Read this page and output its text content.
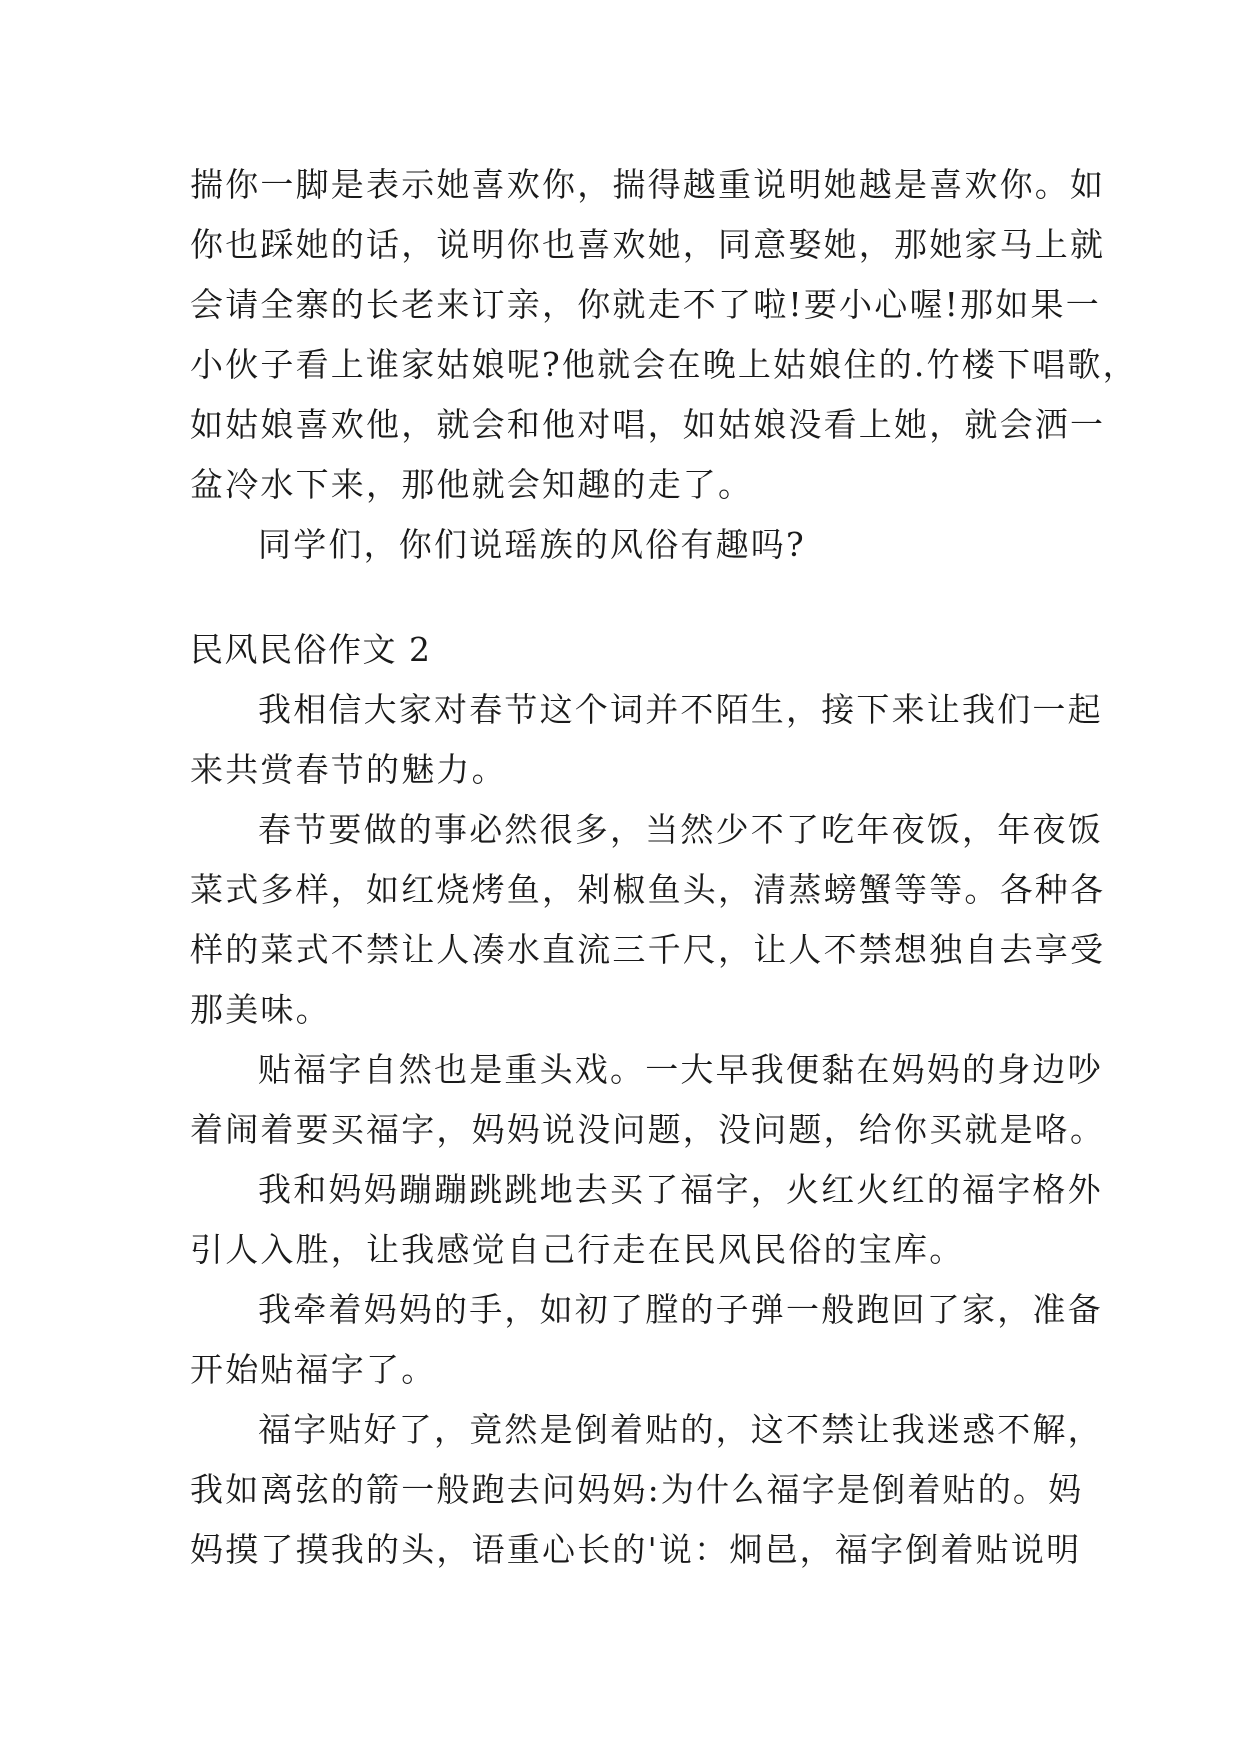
揣你一脚是表示她喜欢你，揣得越重说明她越是喜欢你。如
你也踩她的话，说明你也喜欢她，同意娶她，那她家马上就
会请全寨的长老来订亲，你就走不了啦!要小心喔!那如果一
小伙子看上谁家姑娘呢?他就会在晚上姑娘住的.竹楼下唱歌，
如姑娘喜欢他，就会和他对唱，如姑娘没看上她，就会洒一
盆冷水下来，那他就会知趣的走了。
同学们，你们说瑶族的风俗有趣吗?
民风民俗作文 2
我相信大家对春节这个词并不陌生，接下来让我们一起
来共赏春节的魅力。
春节要做的事必然很多，当然少不了吃年夜饭，年夜饭
菜式多样，如红烧烤鱼，剁椒鱼头，清蒸螃蟹等等。各种各
样的菜式不禁让人凑水直流三千尺，让人不禁想独自去享受
那美味。
贴福字自然也是重头戏。一大早我便黏在妈妈的身边吵
着闹着要买福字，妈妈说没问题，没问题，给你买就是咯。
我和妈妈蹦蹦跳跳地去买了福字，火红火红的福字格外
引人入胜，让我感觉自己行走在民风民俗的宝库。
我牵着妈妈的手，如初了膛的子弹一般跑回了家，准备
开始贴福字了。
福字贴好了，竟然是倒着贴的，这不禁让我迷惑不解，
我如离弦的箭一般跑去问妈妈:为什么福字是倒着贴的。妈
妈摸了摸我的头，语重心长的'说：炯邑，福字倒着贴说明
